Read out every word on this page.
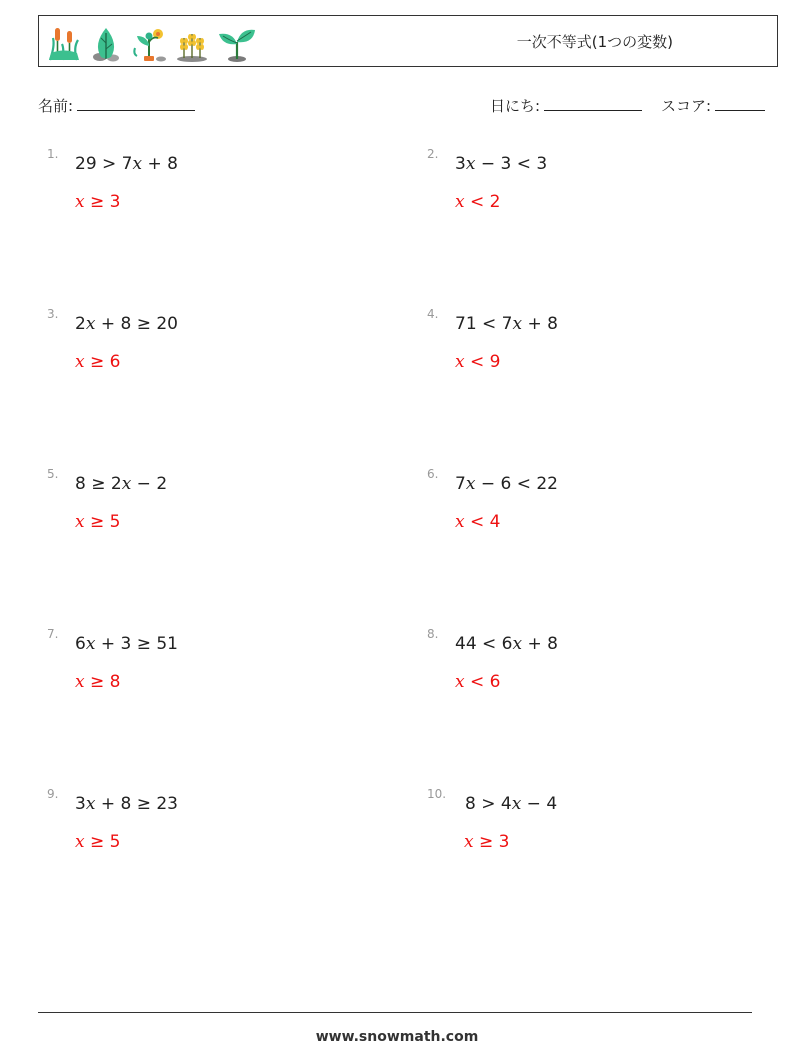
一次不等式(1つの変数)
名前:	日にち:	スコア:
1. 29 > 7x + 8
x ≥ 3
2. 3x − 3 < 3
x < 2
3. 2x + 8 ≥ 20
x ≥ 6
4. 71 < 7x + 8
x < 9
5. 8 ≥ 2x − 2
x ≥ 5
6. 7x − 6 < 22
x < 4
7. 6x + 3 ≥ 51
x ≥ 8
8. 44 < 6x + 8
x < 6
9. 3x + 8 ≥ 23
x ≥ 5
10. 8 > 4x − 4
x ≥ 3
www.snowmath.com
